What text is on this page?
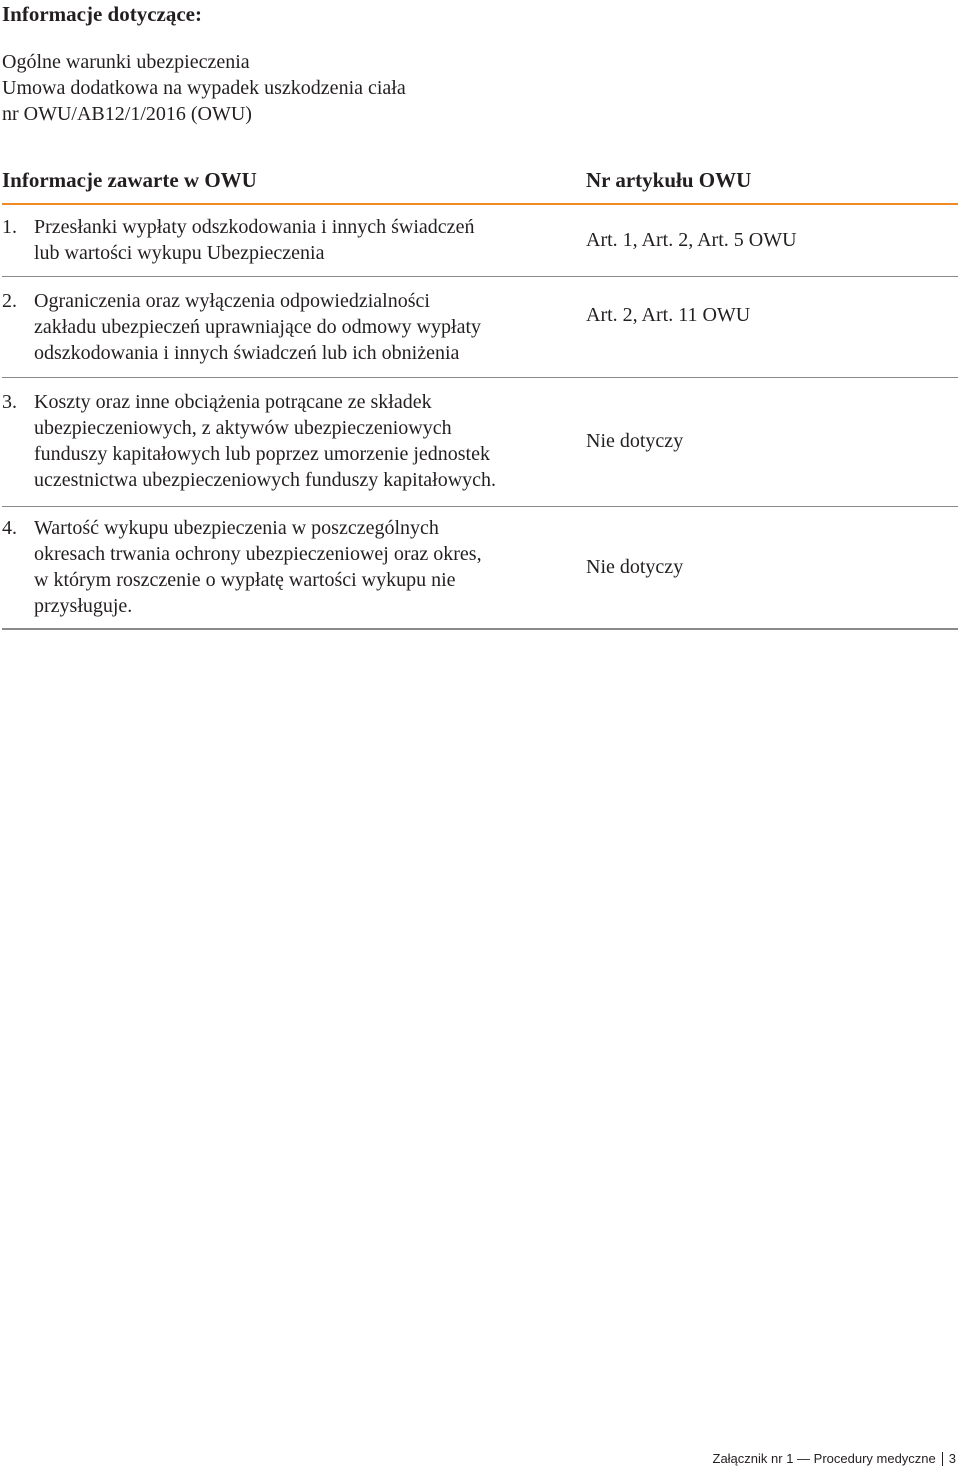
Informacje dotyczące:
Ogólne warunki ubezpieczenia
Umowa dodatkowa na wypadek uszkodzenia ciała
nr OWU/AB12/1/2016 (OWU)
Informacje zawarte w OWU	Nr artykułu OWU
1. Przesłanki wypłaty odszkodowania i innych świadczeń
lub wartości wykupu Ubezpieczenia
Art. 1, Art. 2, Art. 5 OWU
2. Ograniczenia oraz wyłączenia odpowiedzialności
zakładu ubezpieczeń uprawniające do odmowy wypłaty
odszkodowania i innych świadczeń lub ich obniżenia
Art. 2, Art. 11 OWU
3. Koszty oraz inne obciążenia potrącane ze składek
ubezpieczeniowych, z aktywów ubezpieczeniowych
funduszy kapitałowych lub poprzez umorzenie jednostek
uczestnictwa ubezpieczeniowych funduszy kapitałowych.
Nie dotyczy
4. Wartość wykupu ubezpieczenia w poszczególnych
okresach trwania ochrony ubezpieczeniowej oraz okres,
w którym roszczenie o wypłatę wartości wykupu nie
przysługuje.
Nie dotyczy
Załącznik nr 1 — Procedury medyczne 3
